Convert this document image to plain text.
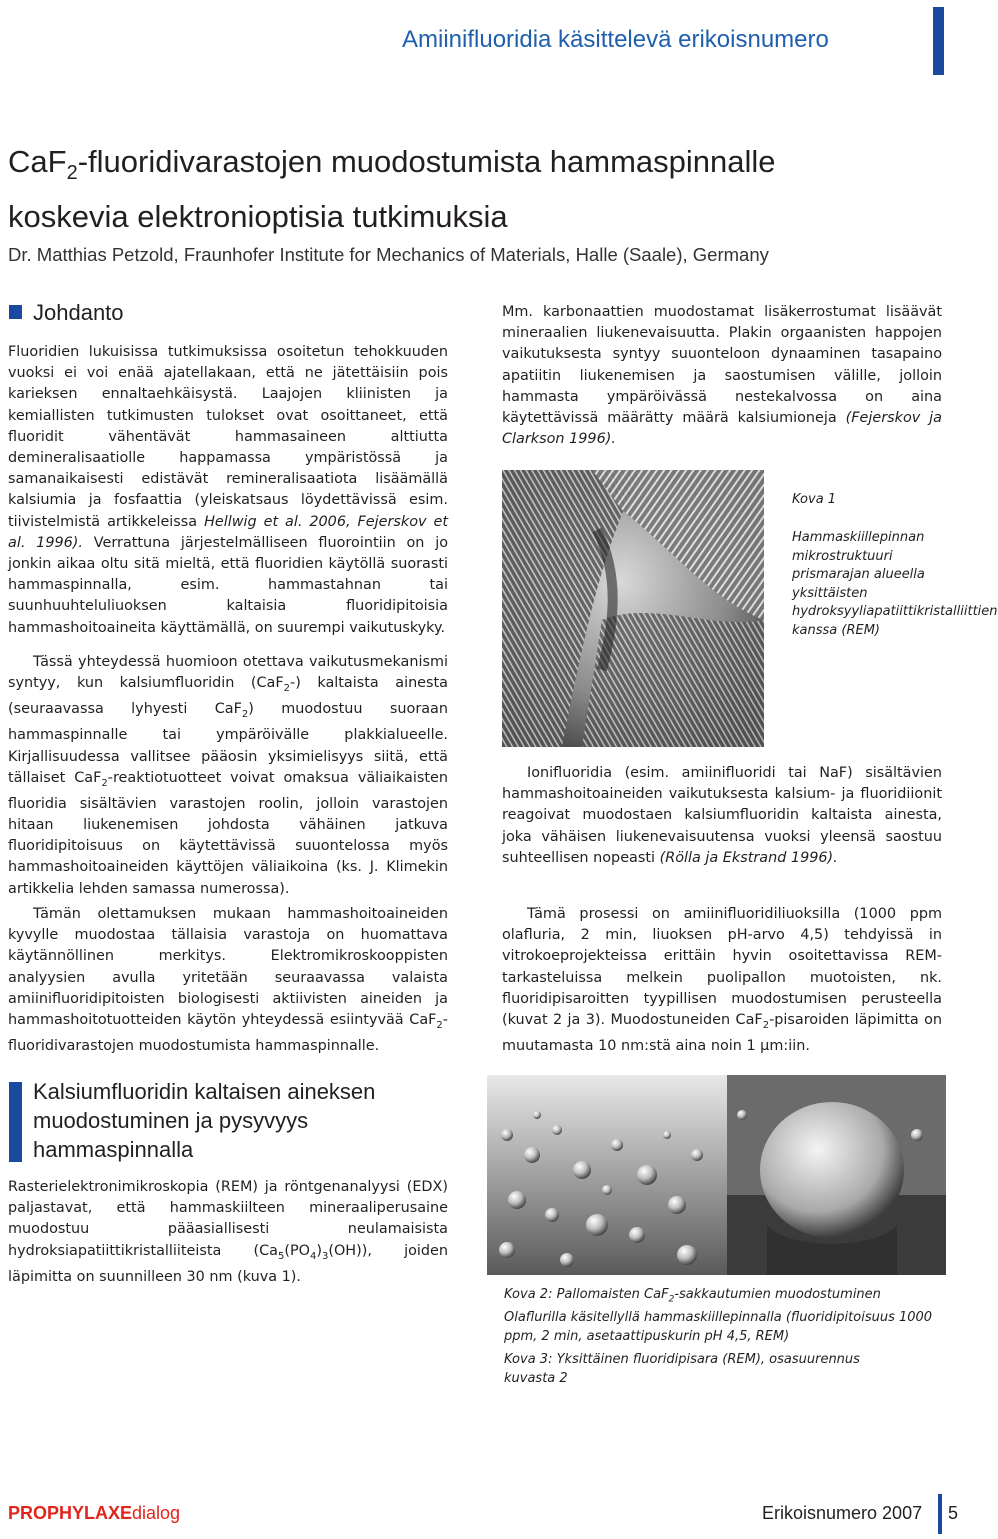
Amiinifluoridia käsittelevä erikoisnumero
CaF$_2$-fluoridivarastojen muodostumista hammaspinnalle
koskevia elektronioptisia tutkimuksia
Dr. Matthias Petzold, Fraunhofer Institute for Mechanics of Materials, Halle (Saale), Germany
Johdanto
Fluoridien lukuisissa tutkimuksissa osoitetun tehokkuuden vuoksi ei voi enää ajatellakaan, että ne jätettäisiin pois karieksen ennaltaehkäisystä. Laajojen kliinisten ja kemiallisten tutkimusten tulokset ovat osoittaneet, että fluoridit vähentävät hammasaineen alttiutta demineralisaatiolle happamassa ympäristössä ja samanaikaisesti edistävät remineralisaatiota lisäämällä kalsiumia ja fosfaattia (yleiskatsaus löydettävissä esim. tiivistelmistä artikkeleissa Hellwig et al. 2006, Fejerskov et al. 1996). Verrattuna järjestelmälliseen fluorointiin on jo jonkin aikaa oltu sitä mieltä, että fluoridien käytöllä suorasti hammaspinnalla, esim. hammastahnan tai suunhuuhteluliuoksen kaltaisia fluoridipitoisia hammashoitoaineita käyttämällä, on suurempi vaikutuskyky.
Tässä yhteydessä huomioon otettava vaikutusmekanismi syntyy, kun kalsiumfluoridin (CaF$_2$-) kaltaista ainesta (seuraavassa lyhyesti CaF$_2$) muodostuu suoraan hammaspinnalle tai ympäröivälle plakkialueelle. Kirjallisuudessa vallitsee pääosin yksimielisyys siitä, että tällaiset CaF$_2$-reaktiotuotteet voivat omaksua väliaikaisten fluoridia sisältävien varastojen roolin, jolloin varastojen hitaan liukenemisen johdosta vähäinen jatkuva fluoridipitoisuus on käytettävissä suuontelossa myös hammashoitoaineiden käyttöjen väliaikoina (ks. J. Klimekin artikkelia lehden samassa numerossa).
Tämän olettamuksen mukaan hammashoitoaineiden kyvylle muodostaa tällaisia varastoja on huomattava käytännöllinen merkitys. Elektromikroskooppisten analyysien avulla yritetään seuraavassa valaista amiinifluoridipitoisten biologisesti aktiivisten aineiden ja hammashoitotuotteiden käytön yhteydessä esiintyvää CaF$_2$-fluoridivarastojen muodostumista hammaspinnalle.
Kalsiumfluoridin kaltaisen aineksen muodostuminen ja pysyvyys hammaspinnalla
Rasterielektronimikroskopia (REM) ja röntgenanalyysi (EDX) paljastavat, että hammaskiilteen mineraaliperusaine muodostuu pääasiallisesti neulamaisista hydroksiapatiittikristalliiteista $(Ca_5(PO_4)_3(OH))$, joiden läpimitta on suunnilleen 30 nm (kuva 1).
Mm. karbonaattien muodostamat lisäkerrostumat lisäävät mineraalien liukenevaisuutta. Plakin orgaanisten happojen vaikutuksesta syntyy suuonteloon dynaaminen tasapaino apatiitin liukenemisen ja saostumisen välille, jolloin hammasta ympäröivässä nestekalvossa on aina käytettävissä määrätty määrä kalsiumioneja (Fejerskov ja Clarkson 1996).
Kova 1
Hammaskiillepinnan mikrostruktuuri prismarajan alueella yksittäisten hydroksyyliapatiittikristalliittien kanssa (REM)
Ionifluoridia (esim. amiinifluoridi tai NaF) sisältävien hammashoitoaineiden vaikutuksesta kalsium- ja fluoridiionit reagoivat muodostaen kalsiumfluoridin kaltaista ainesta, joka vähäisen liukenevaisuutensa vuoksi yleensä saostuu suhteellisen nopeasti (Rölla ja Ekstrand 1996).
Tämä prosessi on amiinifluoridiliuoksilla (1000 ppm olafluria, 2 min, liuoksen pH-arvo 4,5) tehdyissä in vitrokoeprojekteissa erittäin hyvin osoitettavissa REM-tarkasteluissa melkein puolipallon muotoisten, nk. fluoridipisaroitten tyypillisen muodostumisen perusteella (kuvat 2 ja 3). Muodostuneiden CaF$_2$-pisaroiden läpimitta on muutamasta 10 nm:stä aina noin 1 µm:iin.
Kova 2: Pallomaisten CaF$_2$-sakkautumien muodostuminen Olaflurilla käsitellyllä hammaskiillepinnalla (fluoridipitoisuus 1000 ppm, 2 min, asetaattipuskurin pH 4,5, REM)
Kova 3: Yksittäinen fluoridipisara (REM), osasuurennus kuvasta 2
PROPHYLAXEdialog	Erikoisnumero 2007 5
